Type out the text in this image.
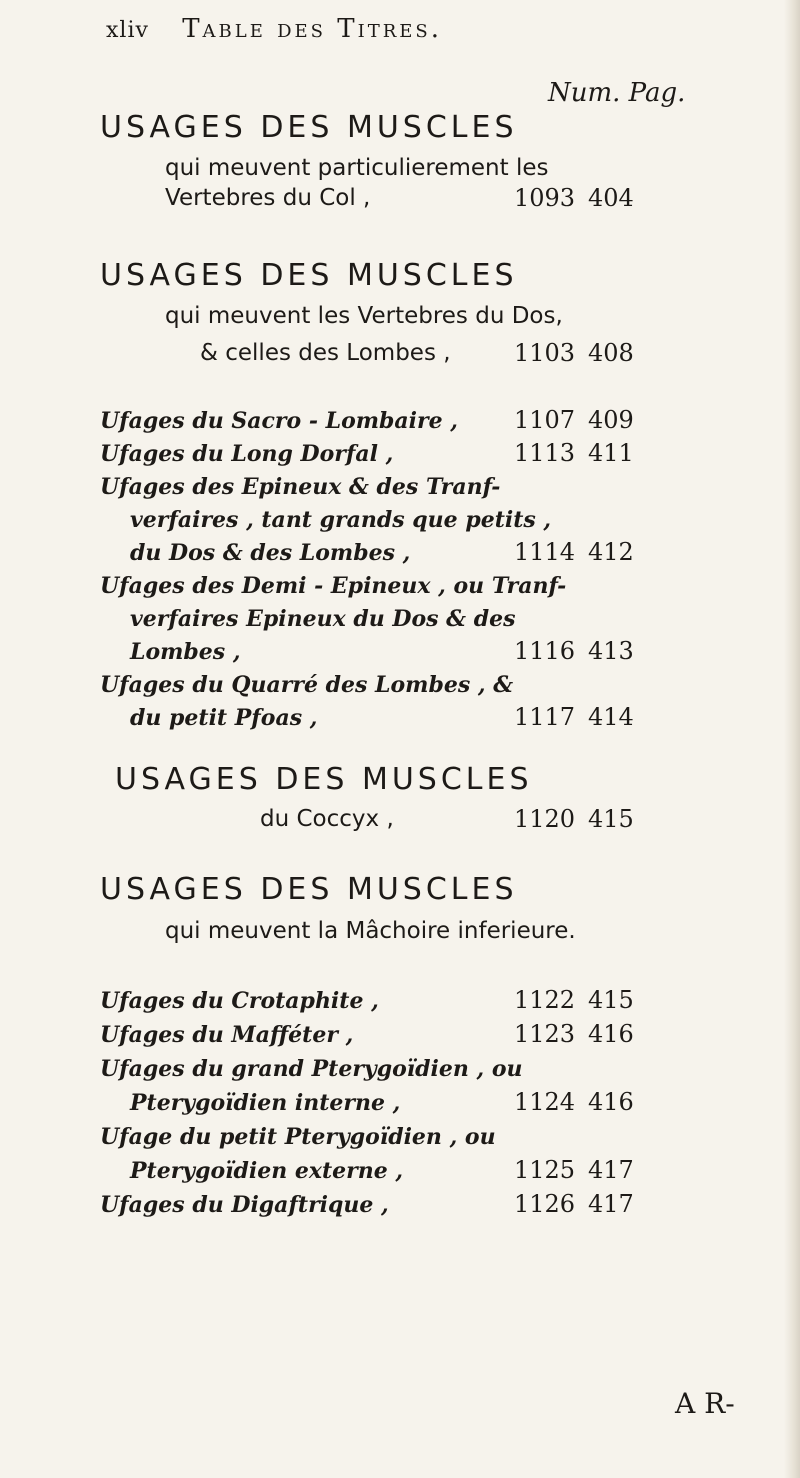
xliv Table des Titres.
Num. Pag.
USAGES DES MUSCLES
qui meuvent particulierement les
Vertebres du Col ,	1093 404
USAGES DES MUSCLES
qui meuvent les Vertebres du Dos,
& celles des Lombes ,	1103 408
Ufages du Sacro - Lombaire , 1107 409
Ufages du Long Dorfal ,	1113 411
Ufages des Epineux & des Tranf-
verfaires , tant grands que petits ,
du Dos & des Lombes ,	1114 412
Ufages des Demi - Epineux , ou Tranf-
verfaires Epineux du Dos & des
Lombes ,	1116 413
Ufages du Quarré des Lombes , &
du petit Pfoas ,	1117 414
USAGES DES MUSCLES
du Coccyx ,	1120 415
USAGES DES MUSCLES
qui meuvent la Mâchoire inferieure.
Ufages du Crotaphite ,	1122 415
Ufages du Mafféter ,	1123 416
Ufages du grand Pterygoïdien , ou
Pterygoïdien interne ,	1124 416
Ufage du petit Pterygoïdien , ou
Pterygoïdien externe ,	1125 417
Ufages du Digaftrique ,	1126 417
A R-
